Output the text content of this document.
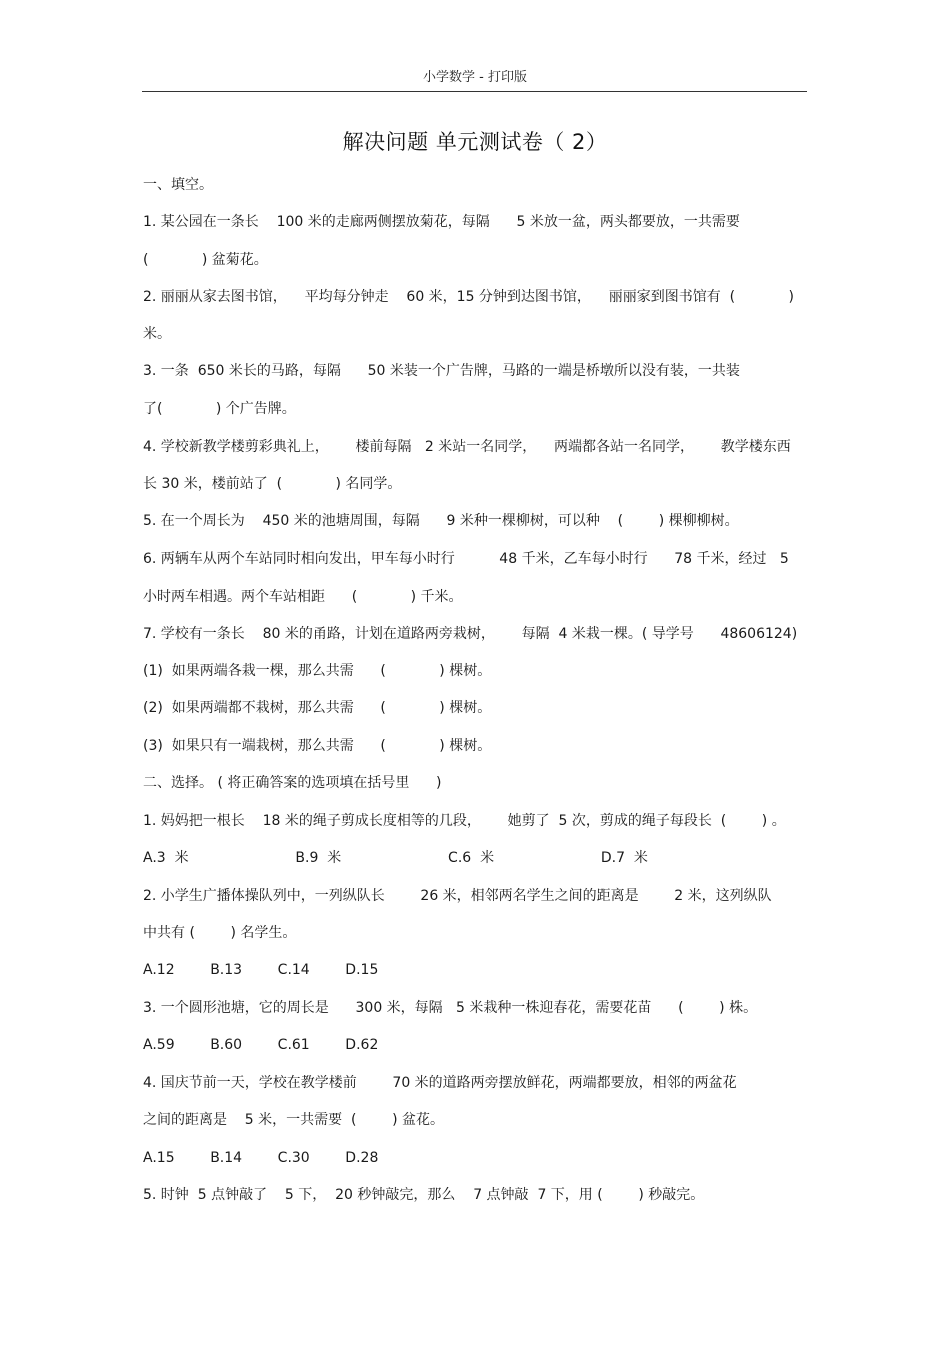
小学数学 - 打印版
解决问题 单元测试卷（ 2）
一、填空。
1. 某公园在一条长    100 米的走廊两侧摆放菊花，每隔      5 米放一盆，两头都要放，一共需要
(            ) 盆菊花。
2. 丽丽从家去图书馆，    平均每分钟走    60 米，15 分钟到达图书馆，    丽丽家到图书馆有  (            )
米。
3. 一条  650 米长的马路，每隔      50 米装一个广告牌，马路的一端是桥墩所以没有装，一共装
了(            ) 个广告牌。
4. 学校新教学楼剪彩典礼上，      楼前每隔   2 米站一名同学，    两端都各站一名同学，      教学楼东西
长 30 米，楼前站了  (            ) 名同学。
5. 在一个周长为    450 米的池塘周围，每隔      9 米种一棵柳树，可以种    (        ) 棵柳柳树。
6. 两辆车从两个车站同时相向发出，甲车每小时行          48 千米，乙车每小时行      78 千米，经过   5
小时两车相遇。两个车站相距      (            ) 千米。
7. 学校有一条长    80 米的甬路，计划在道路两旁栽树，      每隔  4 米栽一棵。( 导学号      48606124)
(1)  如果两端各栽一棵，那么共需      (            ) 棵树。
(2)  如果两端都不栽树，那么共需      (            ) 棵树。
(3)  如果只有一端栽树，那么共需      (            ) 棵树。
二、选择。 ( 将正确答案的选项填在括号里      )
1. 妈妈把一根长    18 米的绳子剪成长度相等的几段，      她剪了  5 次，剪成的绳子每段长  (        ) 。
A.3  米                        B.9  米                        C.6  米                        D.7  米
2. 小学生广播体操队列中，一列纵队长        26 米，相邻两名学生之间的距离是        2 米，这列纵队
中共有 (        ) 名学生。
A.12        B.13        C.14        D.15
3. 一个圆形池塘，它的周长是      300 米，每隔   5 米栽种一株迎春花，需要花苗      (        ) 株。
A.59        B.60        C.61        D.62
4. 国庆节前一天，学校在教学楼前        70 米的道路两旁摆放鲜花，两端都要放，相邻的两盆花
之间的距离是    5 米，一共需要  (        ) 盆花。
A.15        B.14        C.30        D.28
5. 时钟  5 点钟敲了    5 下，  20 秒钟敲完，那么    7 点钟敲  7 下，用 (        ) 秒敲完。
